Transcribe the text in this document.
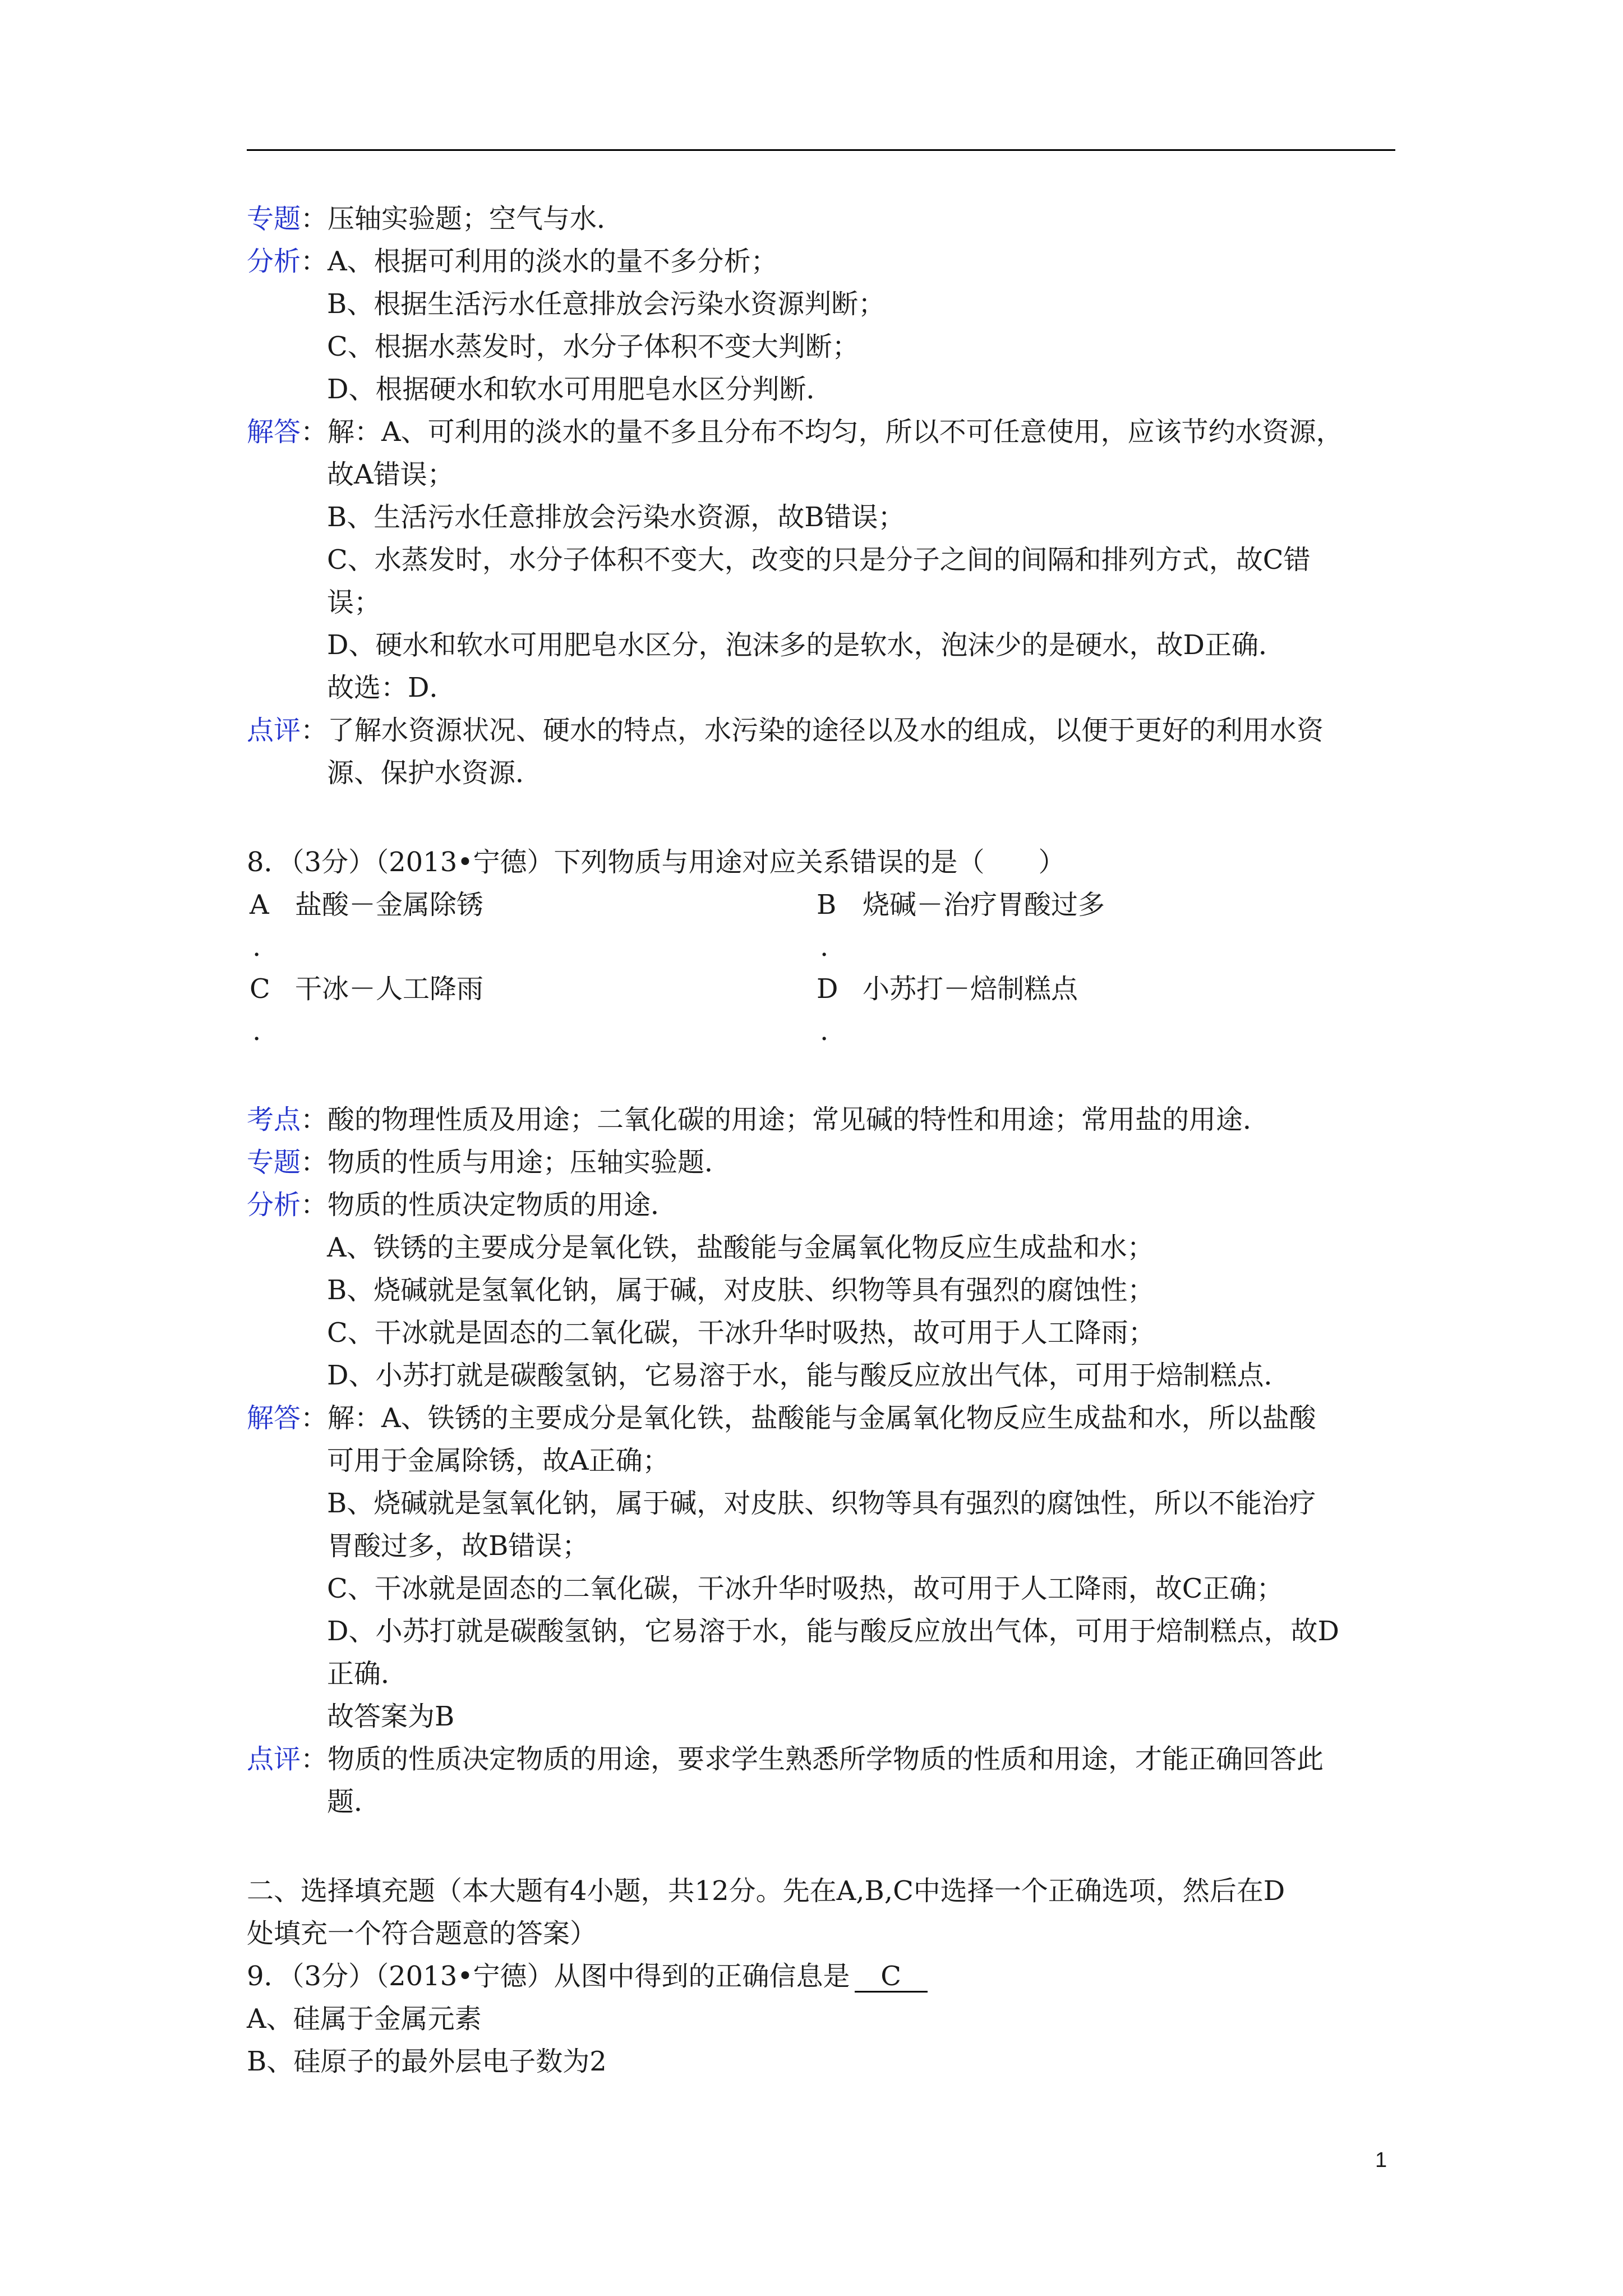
专题：压轴实验题；空气与水．
分析：A、根据可利用的淡水的量不多分析；
B、根据生活污水任意排放会污染水资源判断；
C、根据水蒸发时，水分子体积不变大判断；
D、根据硬水和软水可用肥皂水区分判断．
解答：解：A、可利用的淡水的量不多且分布不均匀，所以不可任意使用，应该节约水资源，
故A错误；
B、生活污水任意排放会污染水资源，故B错误；
C、水蒸发时，水分子体积不变大，改变的只是分子之间的间隔和排列方式，故C错
误；
D、硬水和软水可用肥皂水区分，泡沫多的是软水，泡沫少的是硬水，故D正确．
故选：D．
点评：了解水资源状况、硬水的特点，水污染的途径以及水的组成，以便于更好的利用水资
源、保护水资源．
8．（3分）（2013•宁德）下列物质与用途对应关系错误的是（　　）
A 盐酸－金属除锈	B 烧碱－治疗胃酸过多
.	.
C 干冰－人工降雨	D 小苏打－焙制糕点
.	.
考点：酸的物理性质及用途；二氧化碳的用途；常见碱的特性和用途；常用盐的用途．
专题：物质的性质与用途；压轴实验题．
分析：物质的性质决定物质的用途．
A、铁锈的主要成分是氧化铁，盐酸能与金属氧化物反应生成盐和水；
B、烧碱就是氢氧化钠，属于碱，对皮肤、织物等具有强烈的腐蚀性；
C、干冰就是固态的二氧化碳，干冰升华时吸热，故可用于人工降雨；
D、小苏打就是碳酸氢钠，它易溶于水，能与酸反应放出气体，可用于焙制糕点．
解答：解：A、铁锈的主要成分是氧化铁，盐酸能与金属氧化物反应生成盐和水，所以盐酸
可用于金属除锈，故A正确；
B、烧碱就是氢氧化钠，属于碱，对皮肤、织物等具有强烈的腐蚀性，所以不能治疗
胃酸过多，故B错误；
C、干冰就是固态的二氧化碳，干冰升华时吸热，故可用于人工降雨，故C正确；
D、小苏打就是碳酸氢钠，它易溶于水，能与酸反应放出气体，可用于焙制糕点，故D
正确．
故答案为B
点评：物质的性质决定物质的用途，要求学生熟悉所学物质的性质和用途，才能正确回答此
题．
二、选择填充题（本大题有4小题，共12分。先在A,B,C中选择一个正确选项，然后在D
处填充一个符合题意的答案）
9．（3分）（2013•宁德）从图中得到的正确信息是 C
A、硅属于金属元素
B、硅原子的最外层电子数为2
1
